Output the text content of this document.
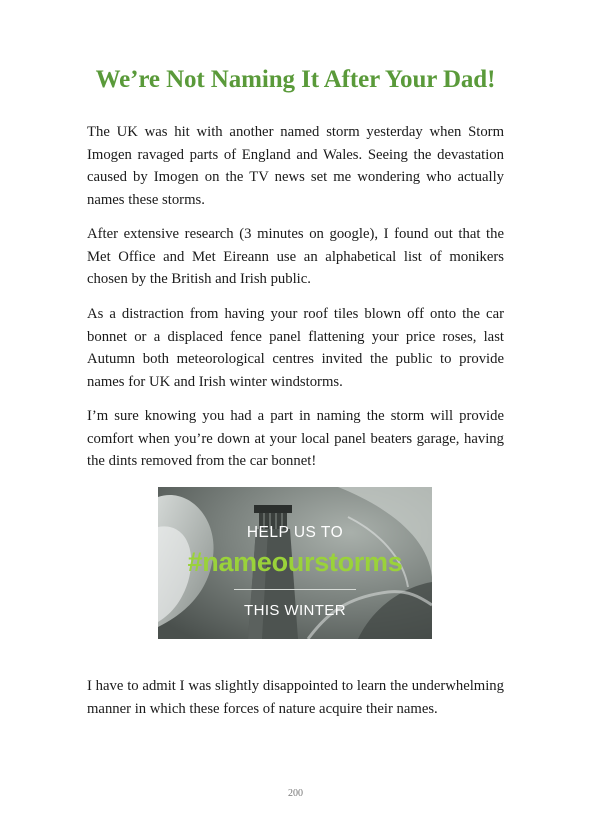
We’re Not Naming It After Your Dad!

The UK was hit with another named storm yesterday when Storm Imogen ravaged parts of England and Wales. Seeing the devastation caused by Imogen on the TV news set me wondering who actually names these storms.

After extensive research (3 minutes on google), I found out that the Met Office and Met Eireann use an alphabetical list of monikers chosen by the British and Irish public.

As a distraction from having your roof tiles blown off onto the car bonnet or a displaced fence panel flattening your price roses, last Autumn both meteorological centres invited the public to provide names for UK and Irish winter windstorms.

I’m sure knowing you had a part in naming the storm will provide comfort when you’re down at your local panel beaters garage, having the dints removed from the car bonnet!

HELP US TO
#nameourstorms
THIS WINTER

I have to admit I was slightly disappointed to learn the underwhelming manner in which these forces of nature acquire their names.

200
